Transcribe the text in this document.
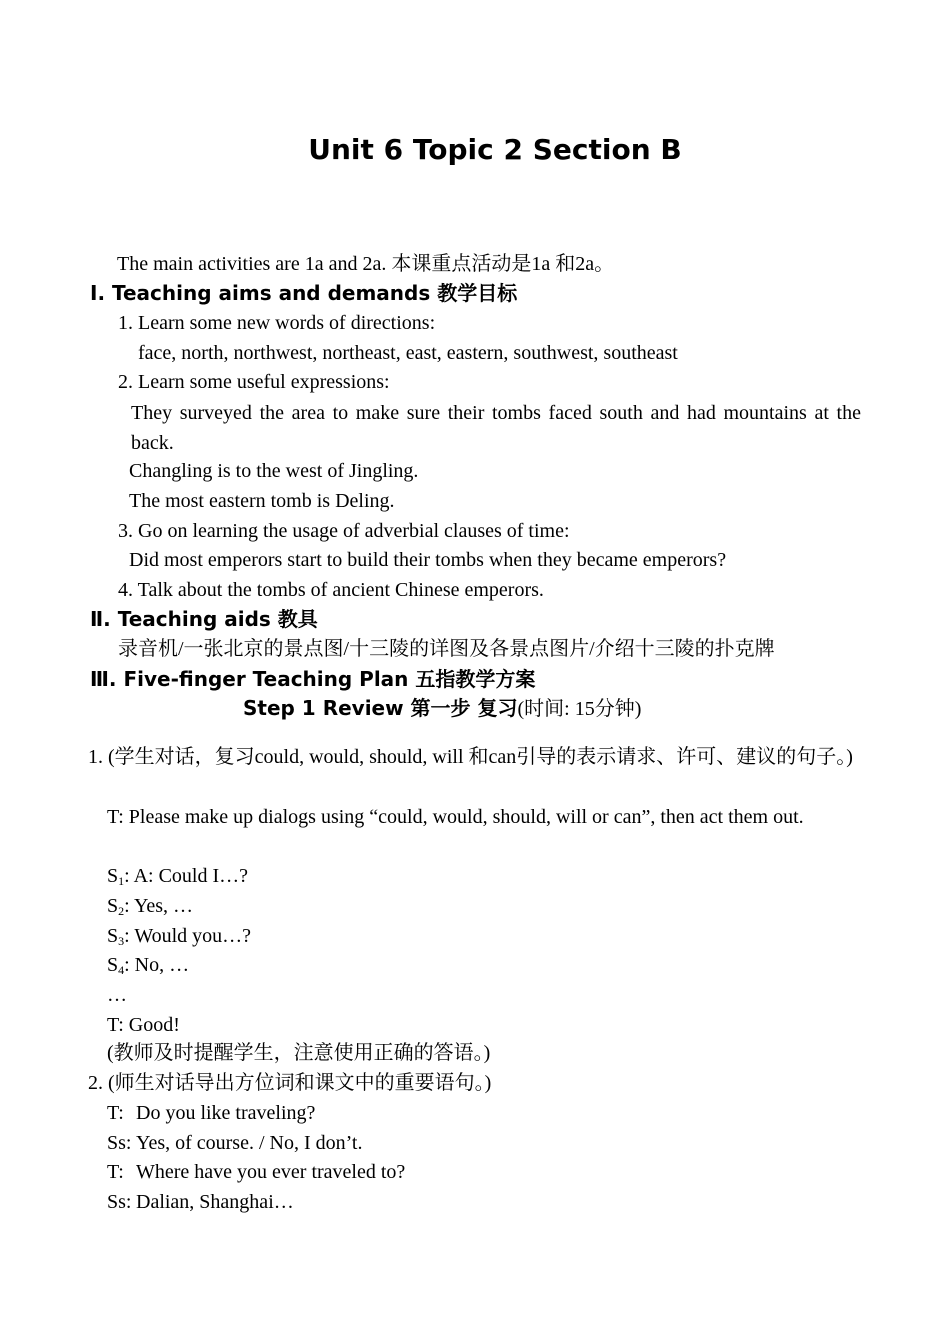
Unit 6 Topic 2 Section B
The main activities are 1a and 2a. 本课重点活动是1a 和2a。
Ⅰ. Teaching aims and demands 教学目标
1. Learn some new words of directions:
face, north, northwest, northeast, east, eastern, southwest, southeast
2. Learn some useful expressions:
They surveyed the area to make sure their tombs faced south and had mountains at the back.
Changling is to the west of Jingling.
The most eastern tomb is Deling.
3. Go on learning the usage of adverbial clauses of time:
Did most emperors start to build their tombs when they became emperors?
4. Talk about the tombs of ancient Chinese emperors.
Ⅱ. Teaching aids 教具
录音机/一张北京的景点图/十三陵的详图及各景点图片/介绍十三陵的扑克牌
Ⅲ. Five-finger Teaching Plan 五指教学方案
Step 1 Review 第一步 复习(时间: 15分钟)
1. (学生对话，复习could, would, should, will 和can引导的表示请求、许可、建议的句子。)
T: Please make up dialogs using “could, would, should, will or can”, then act them out.
$S_1$: A: Could I…?
$S_2$: Yes, …
$S_3$: Would you…?
$S_4$: No, …
…
T: Good!
(教师及时提醒学生，注意使用正确的答语。)
2. (师生对话导出方位词和课文中的重要语句。)
T: Do you like traveling?
Ss: Yes, of course. / No, I don’t.
T: Where have you ever traveled to?
Ss: Dalian, Shanghai…
